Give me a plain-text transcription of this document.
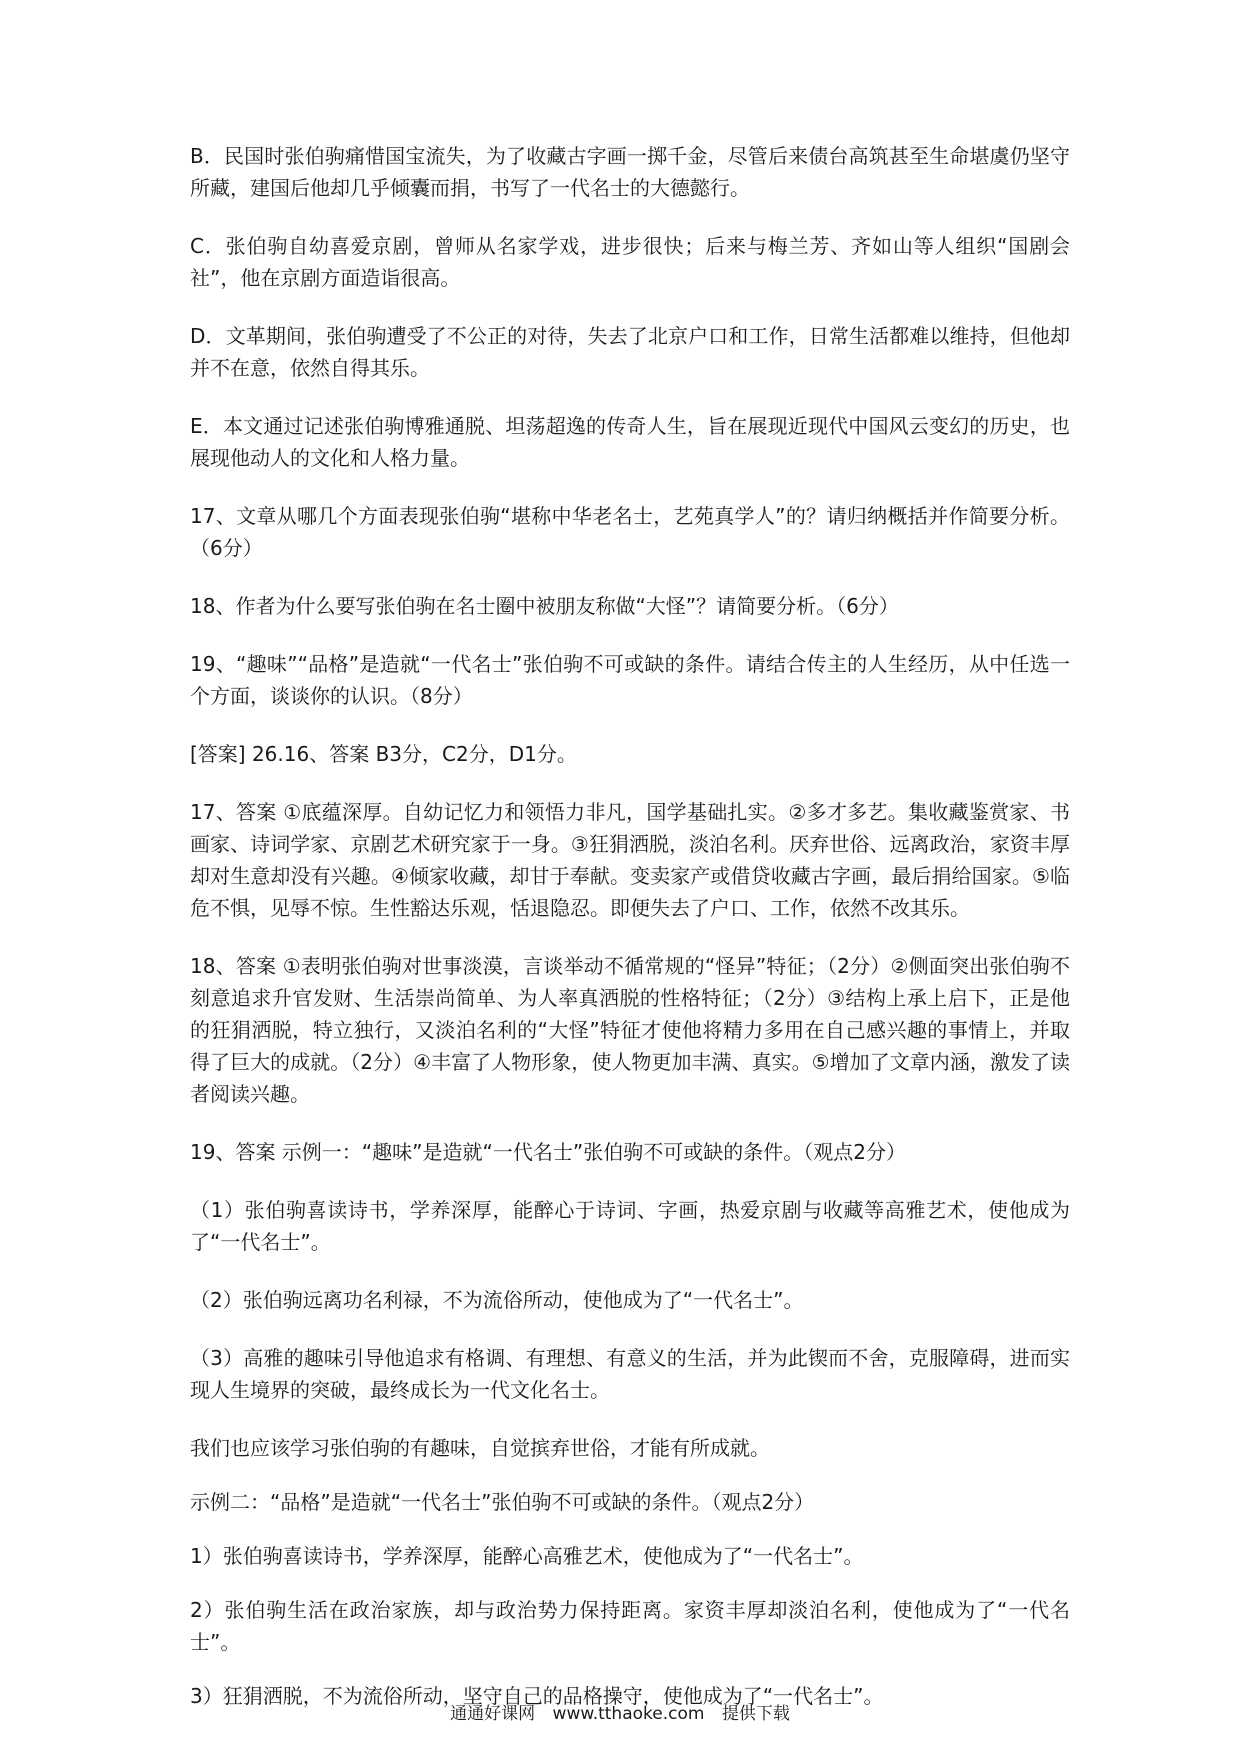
B．民国时张伯驹痛惜国宝流失，为了收藏古字画一掷千金，尽管后来债台高筑甚至生命堪虞仍坚守所藏，建国后他却几乎倾囊而捐，书写了一代名士的大德懿行。

C．张伯驹自幼喜爱京剧，曾师从名家学戏，进步很快；后来与梅兰芳、齐如山等人组织“国剧会社”，他在京剧方面造诣很高。

D．文革期间，张伯驹遭受了不公正的对待，失去了北京户口和工作，日常生活都难以维持，但他却并不在意，依然自得其乐。

E．本文通过记述张伯驹博雅通脱、坦荡超逸的传奇人生，旨在展现近现代中国风云变幻的历史，也展现他动人的文化和人格力量。

17、文章从哪几个方面表现张伯驹“堪称中华老名士，艺苑真学人”的？请归纳概括并作简要分析。（6分）

18、作者为什么要写张伯驹在名士圈中被朋友称做“大怪”？请简要分析。（6分）

19、“趣味”“品格”是造就“一代名士”张伯驹不可或缺的条件。请结合传主的人生经历，从中任选一个方面，谈谈你的认识。（8分）

[答案] 26.16、答案 B3分，C2分，D1分。

17、答案 ①底蕴深厚。自幼记忆力和领悟力非凡，国学基础扎实。②多才多艺。集收藏鉴赏家、书画家、诗词学家、京剧艺术研究家于一身。③狂狷洒脱，淡泊名利。厌弃世俗、远离政治，家资丰厚却对生意却没有兴趣。④倾家收藏，却甘于奉献。变卖家产或借贷收藏古字画，最后捐给国家。⑤临危不惧，见辱不惊。生性豁达乐观，恬退隐忍。即便失去了户口、工作，依然不改其乐。

18、答案 ①表明张伯驹对世事淡漠，言谈举动不循常规的“怪异”特征；（2分）②侧面突出张伯驹不刻意追求升官发财、生活崇尚简单、为人率真洒脱的性格特征；（2分）③结构上承上启下，正是他的狂狷洒脱，特立独行，又淡泊名利的“大怪”特征才使他将精力多用在自己感兴趣的事情上，并取得了巨大的成就。（2分）④丰富了人物形象，使人物更加丰满、真实。⑤增加了文章内涵，激发了读者阅读兴趣。

19、答案 示例一：“趣味”是造就“一代名士”张伯驹不可或缺的条件。（观点2分）

（1）张伯驹喜读诗书，学养深厚，能醉心于诗词、字画，热爱京剧与收藏等高雅艺术，使他成为了“一代名士”。

（2）张伯驹远离功名利禄，不为流俗所动，使他成为了“一代名士”。

（3）高雅的趣味引导他追求有格调、有理想、有意义的生活，并为此锲而不舍，克服障碍，进而实现人生境界的突破，最终成长为一代文化名士。

我们也应该学习张伯驹的有趣味，自觉摈弃世俗，才能有所成就。

示例二：“品格”是造就“一代名士”张伯驹不可或缺的条件。（观点2分）

1）张伯驹喜读诗书，学养深厚，能醉心高雅艺术，使他成为了“一代名士”。

2）张伯驹生活在政治家族，却与政治势力保持距离。家资丰厚却淡泊名利，使他成为了“一代名士”。

3）狂狷洒脱，不为流俗所动，坚守自己的品格操守，使他成为了“一代名士”。

通通好课网 www.tthaoke.com 提供下载
